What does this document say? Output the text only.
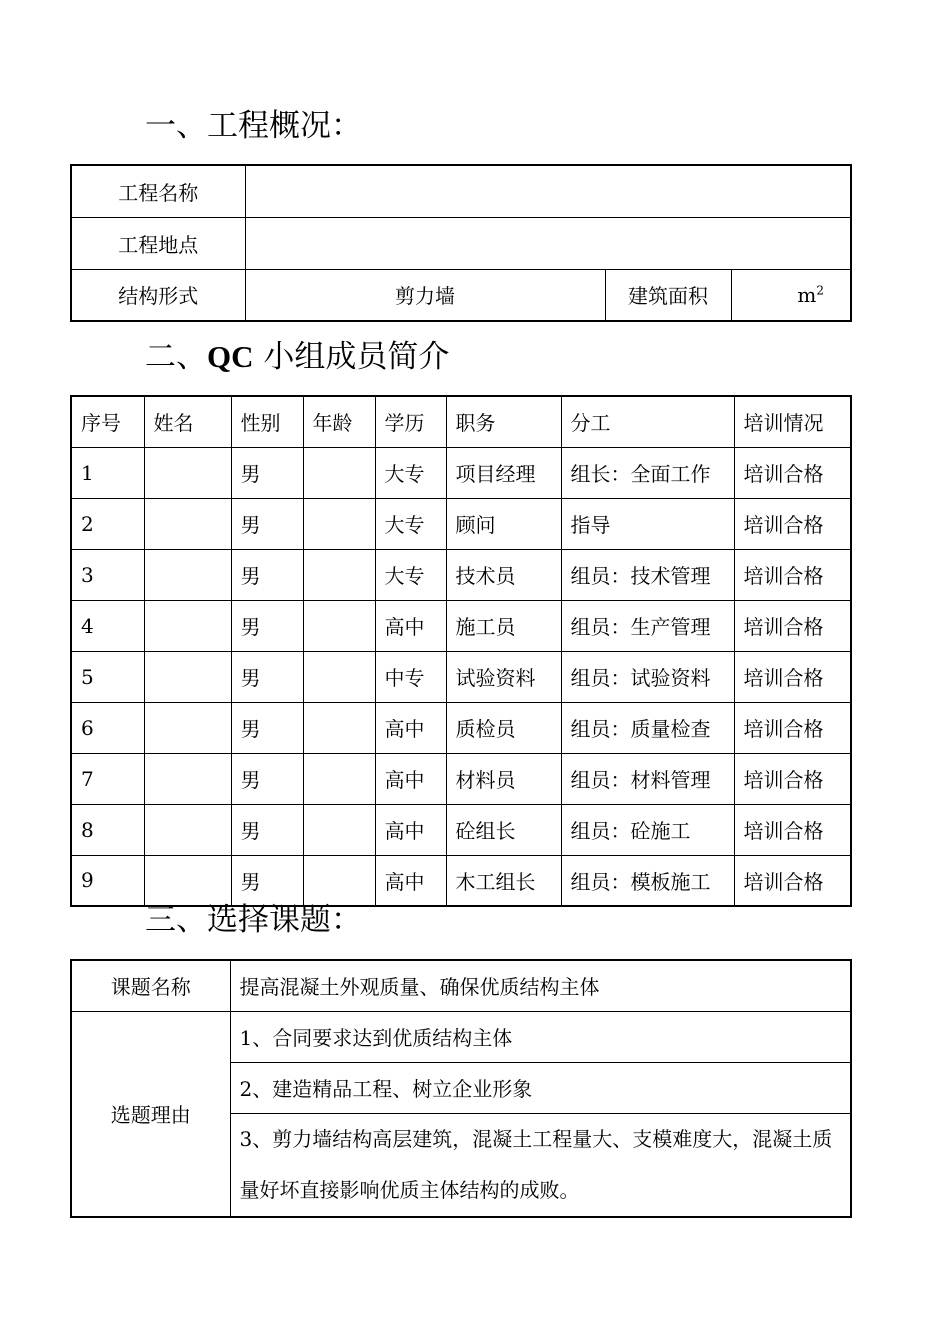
一、工程概况：
工程名称			
工程地点			
结构形式	剪力墙	建筑面积	$m^2$
二、QC 小组成员简介
序号	姓名	性别	年龄	学历	职务	分工	培训情况
1		男		大专	项目经理	组长：全面工作	培训合格
2		男		大专	顾问	指导	培训合格
3		男		大专	技术员	组员：技术管理	培训合格
4		男		高中	施工员	组员：生产管理	培训合格
5		男		中专	试验资料	组员：试验资料	培训合格
6		男		高中	质检员	组员：质量检查	培训合格
7		男		高中	材料员	组员：材料管理	培训合格
8		男		高中	砼组长	组员：砼施工	培训合格
9		男		高中	木工组长	组员：模板施工	培训合格
三、选择课题：
课题名称	提高混凝土外观质量、确保优质结构主体
选题理由	1、合同要求达到优质结构主体
	2、建造精品工程、树立企业形象
	3、剪力墙结构高层建筑，混凝土工程量大、支模难度大，混凝土质量好坏直接影响优质主体结构的成败。
